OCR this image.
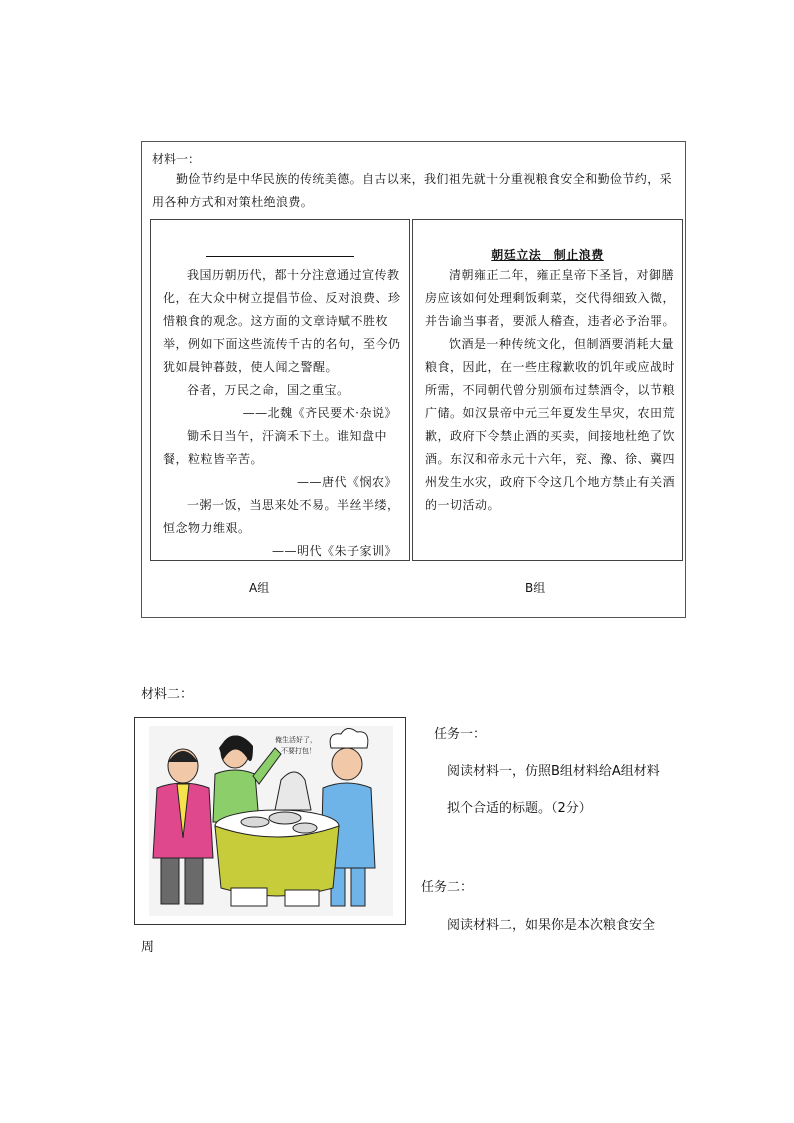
材料一：
勤俭节约是中华民族的传统美德。自古以来，我们祖先就十分重视粮食安全和勤俭节约，采用各种方式和对策杜绝浪费。

我国历朝历代，都十分注意通过宣传教化，在大众中树立提倡节俭、反对浪费、珍惜粮食的观念。这方面的文章诗赋不胜枚举，例如下面这些流传千古的名句，至今仍犹如晨钟暮鼓，使人闻之警醒。

谷者，万民之命，国之重宝。

——北魏《齐民要术·杂说》

锄禾日当午，汗滴禾下土。谁知盘中餐，粒粒皆辛苦。

——唐代《悯农》

一粥一饭，当思来处不易。半丝半缕，恒念物力维艰。

——明代《朱子家训》

朝廷立法　制止浪费

清朝雍正二年，雍正皇帝下圣旨，对御膳房应该如何处理剩饭剩菜，交代得细致入微，并告谕当事者，要派人稽查，违者必予治罪。

饮酒是一种传统文化，但制酒要消耗大量粮食，因此，在一些庄稼歉收的饥年或应战时所需，不同朝代曾分别颁布过禁酒令，以节粮广储。如汉景帝中元三年夏发生旱灾，农田荒歉，政府下令禁止酒的买卖，间接地杜绝了饮酒。东汉和帝永元十六年，兖、豫、徐、冀四州发生水灾，政府下令这几个地方禁止有关酒的一切活动。

A组	B组
材料二：
俺生活好了，
不要打包！
任务一：
阅读材料一，仿照B组材料给A组材料
拟个合适的标题。（2分）
任务二：
阅读材料二，如果你是本次粮食安全
周
